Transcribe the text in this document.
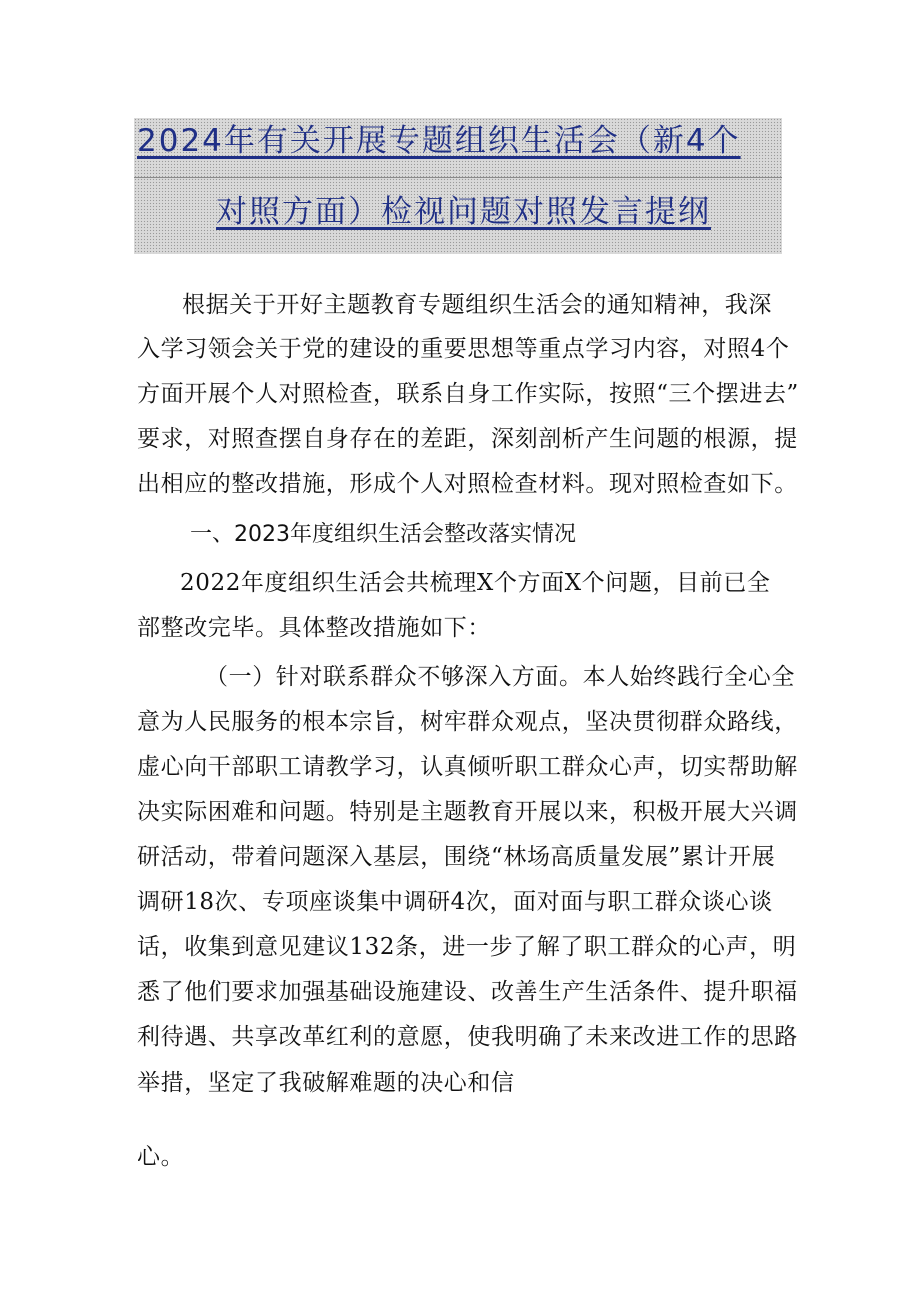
2024年有关开展专题组织生活会（新4个
对照方面）检视问题对照发言提纲
根据关于开好主题教育专题组织生活会的通知精神，我深
入学习领会关于党的建设的重要思想等重点学习内容，对照4个
方面开展个人对照检查，联系自身工作实际，按照“三个摆进去”
要求，对照查摆自身存在的差距，深刻剖析产生问题的根源，提
出相应的整改措施，形成个人对照检查材料。现对照检查如下。
一、2023年度组织生活会整改落实情况
2022年度组织生活会共梳理X个方面X个问题，目前已全
部整改完毕。具体整改措施如下：
（一）针对联系群众不够深入方面。本人始终践行全心全
意为人民服务的根本宗旨，树牢群众观点，坚决贯彻群众路线，
虚心向干部职工请教学习，认真倾听职工群众心声，切实帮助解
决实际困难和问题。特别是主题教育开展以来，积极开展大兴调
研活动，带着问题深入基层，围绕“林场高质量发展”累计开展
调研18次、专项座谈集中调研4次，面对面与职工群众谈心谈
话，收集到意见建议132条，进一步了解了职工群众的心声，明
悉了他们要求加强基础设施建设、改善生产生活条件、提升职福
利待遇、共享改革红利的意愿，使我明确了未来改进工作的思路
举措，坚定了我破解难题的决心和信
心。
